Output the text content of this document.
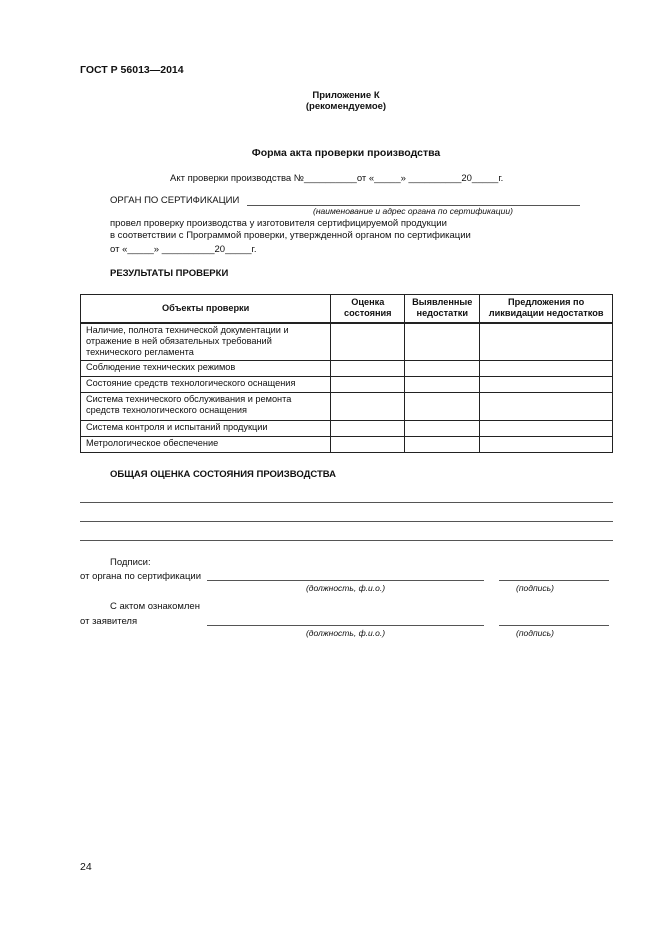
ГОСТ Р 56013—2014
Приложение К
(рекомендуемое)
Форма акта проверки производства
Акт проверки производства №__________от «_____» __________20_____г.
ОРГАН ПО СЕРТИФИКАЦИИ
(наименование и адрес органа по сертификации)
провел проверку производства у изготовителя сертифицируемой продукции
в соответствии с Программой проверки, утвержденной органом по сертификации
от «_____» __________20_____г.
РЕЗУЛЬТАТЫ ПРОВЕРКИ
Объекты проверки	Оценка состояния	Выявленные недостатки	Предложения по ликвидации недостатков
Наличие, полнота технической документации и отражение в ней обязательных требований технического регламента			
Соблюдение технических режимов			
Состояние средств технологического оснащения			
Система технического обслуживания и ремонта средств технологического оснащения			
Система контроля и испытаний продукции			
Метрологическое обеспечение			
ОБЩАЯ ОЦЕНКА СОСТОЯНИЯ ПРОИЗВОДСТВА
Подписи:
от органа по сертификации
(должность, ф.и.о.)	(подпись)
С актом ознакомлен
от заявителя
(должность, ф.и.о.)	(подпись)
24
